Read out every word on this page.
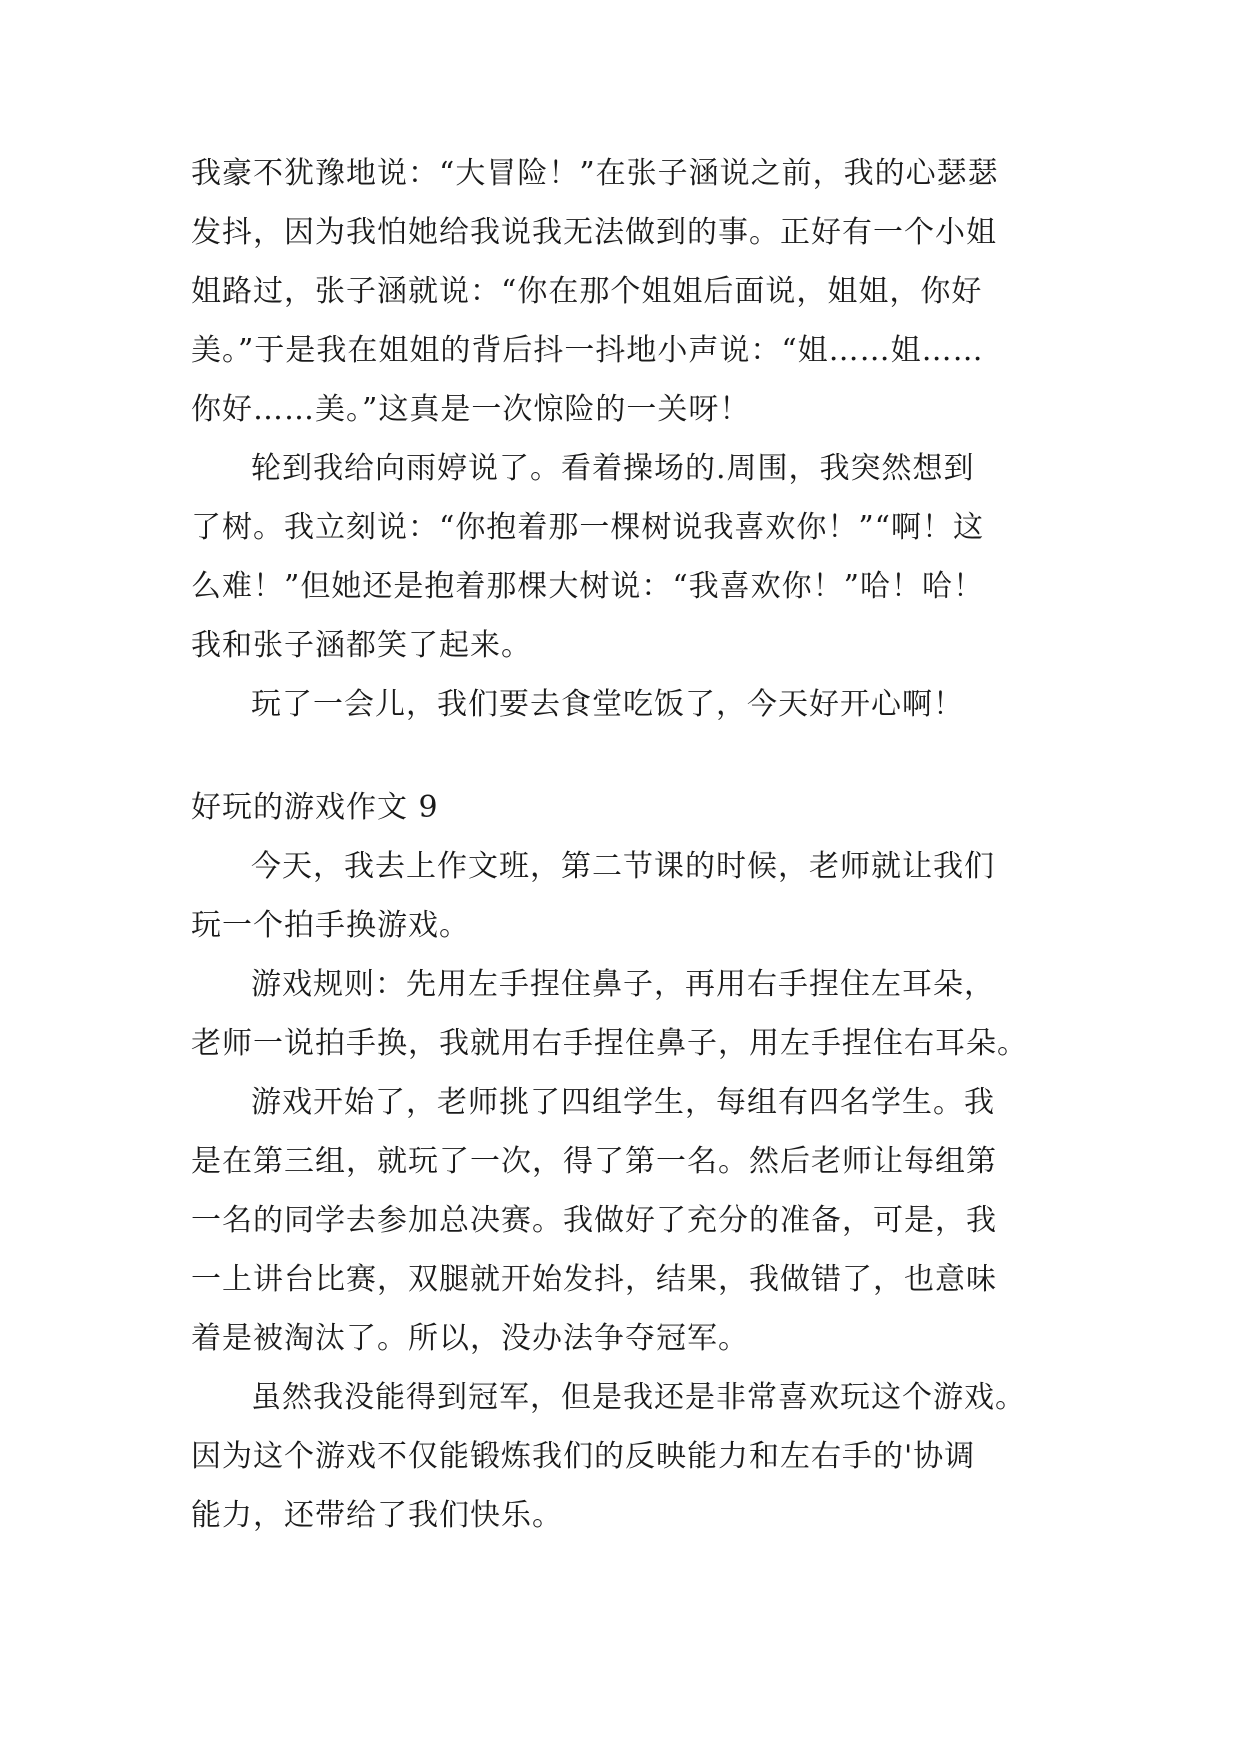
我豪不犹豫地说：“大冒险！”在张子涵说之前，我的心瑟瑟

发抖，因为我怕她给我说我无法做到的事。正好有一个小姐

姐路过，张子涵就说：“你在那个姐姐后面说，姐姐，你好

美。”于是我在姐姐的背后抖一抖地小声说：“姐……姐……

你好……美。”这真是一次惊险的一关呀！

轮到我给向雨婷说了。看着操场的.周围，我突然想到

了树。我立刻说：“你抱着那一棵树说我喜欢你！”“啊！这

么难！”但她还是抱着那棵大树说：“我喜欢你！”哈！哈！

我和张子涵都笑了起来。

玩了一会儿，我们要去食堂吃饭了，今天好开心啊！

好玩的游戏作文 9

今天，我去上作文班，第二节课的时候，老师就让我们

玩一个拍手换游戏。

游戏规则：先用左手捏住鼻子，再用右手捏住左耳朵，

老师一说拍手换，我就用右手捏住鼻子，用左手捏住右耳朵。

游戏开始了，老师挑了四组学生，每组有四名学生。我

是在第三组，就玩了一次，得了第一名。然后老师让每组第

一名的同学去参加总决赛。我做好了充分的准备，可是，我

一上讲台比赛，双腿就开始发抖，结果，我做错了，也意味

着是被淘汰了。所以，没办法争夺冠军。

虽然我没能得到冠军，但是我还是非常喜欢玩这个游戏。

因为这个游戏不仅能锻炼我们的反映能力和左右手的'协调

能力，还带给了我们快乐。
